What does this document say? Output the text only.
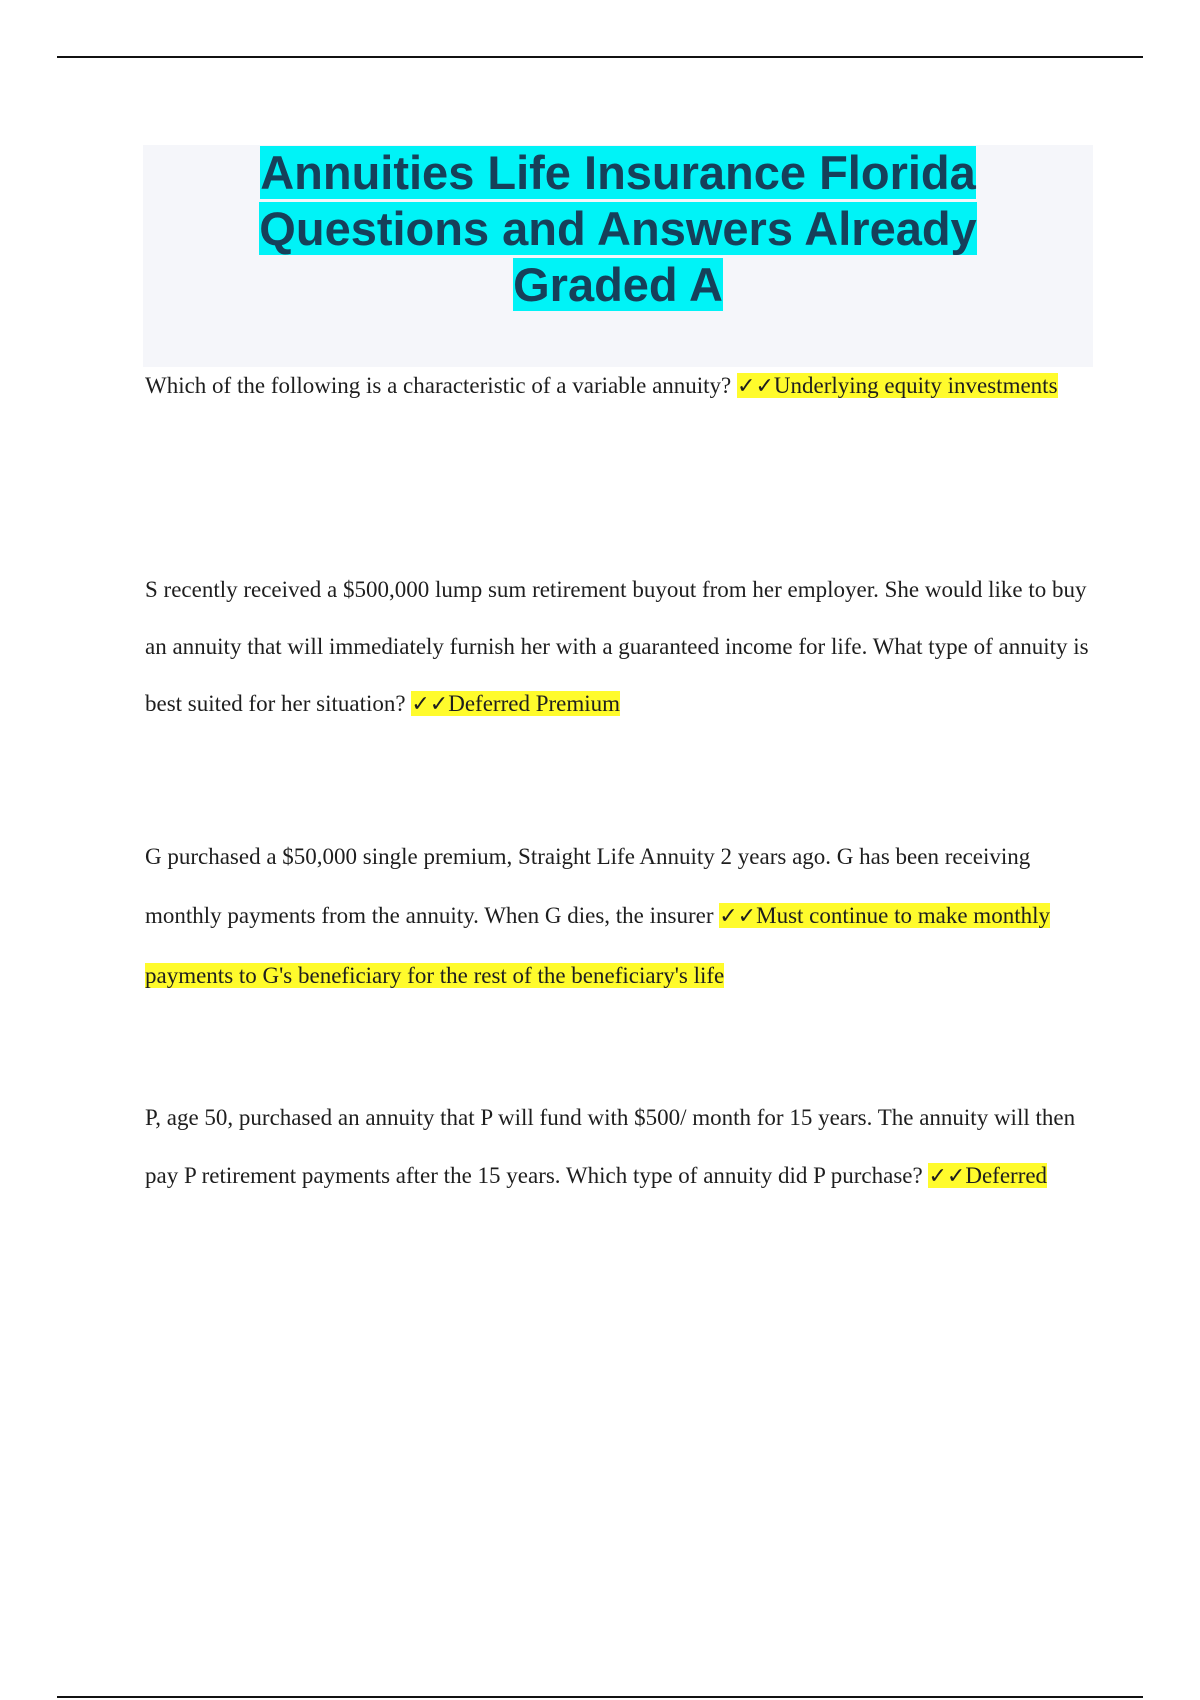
Annuities Life Insurance Florida Questions and Answers Already Graded A
Which of the following is a characteristic of a variable annuity? ✓✓Underlying equity investments
S recently received a $500,000 lump sum retirement buyout from her employer. She would like to buy an annuity that will immediately furnish her with a guaranteed income for life. What type of annuity is best suited for her situation? ✓✓Deferred Premium
G purchased a $50,000 single premium, Straight Life Annuity 2 years ago. G has been receiving monthly payments from the annuity. When G dies, the insurer ✓✓Must continue to make monthly payments to G's beneficiary for the rest of the beneficiary's life
P, age 50, purchased an annuity that P will fund with $500/ month for 15 years. The annuity will then pay P retirement payments after the 15 years. Which type of annuity did P purchase? ✓✓Deferred
